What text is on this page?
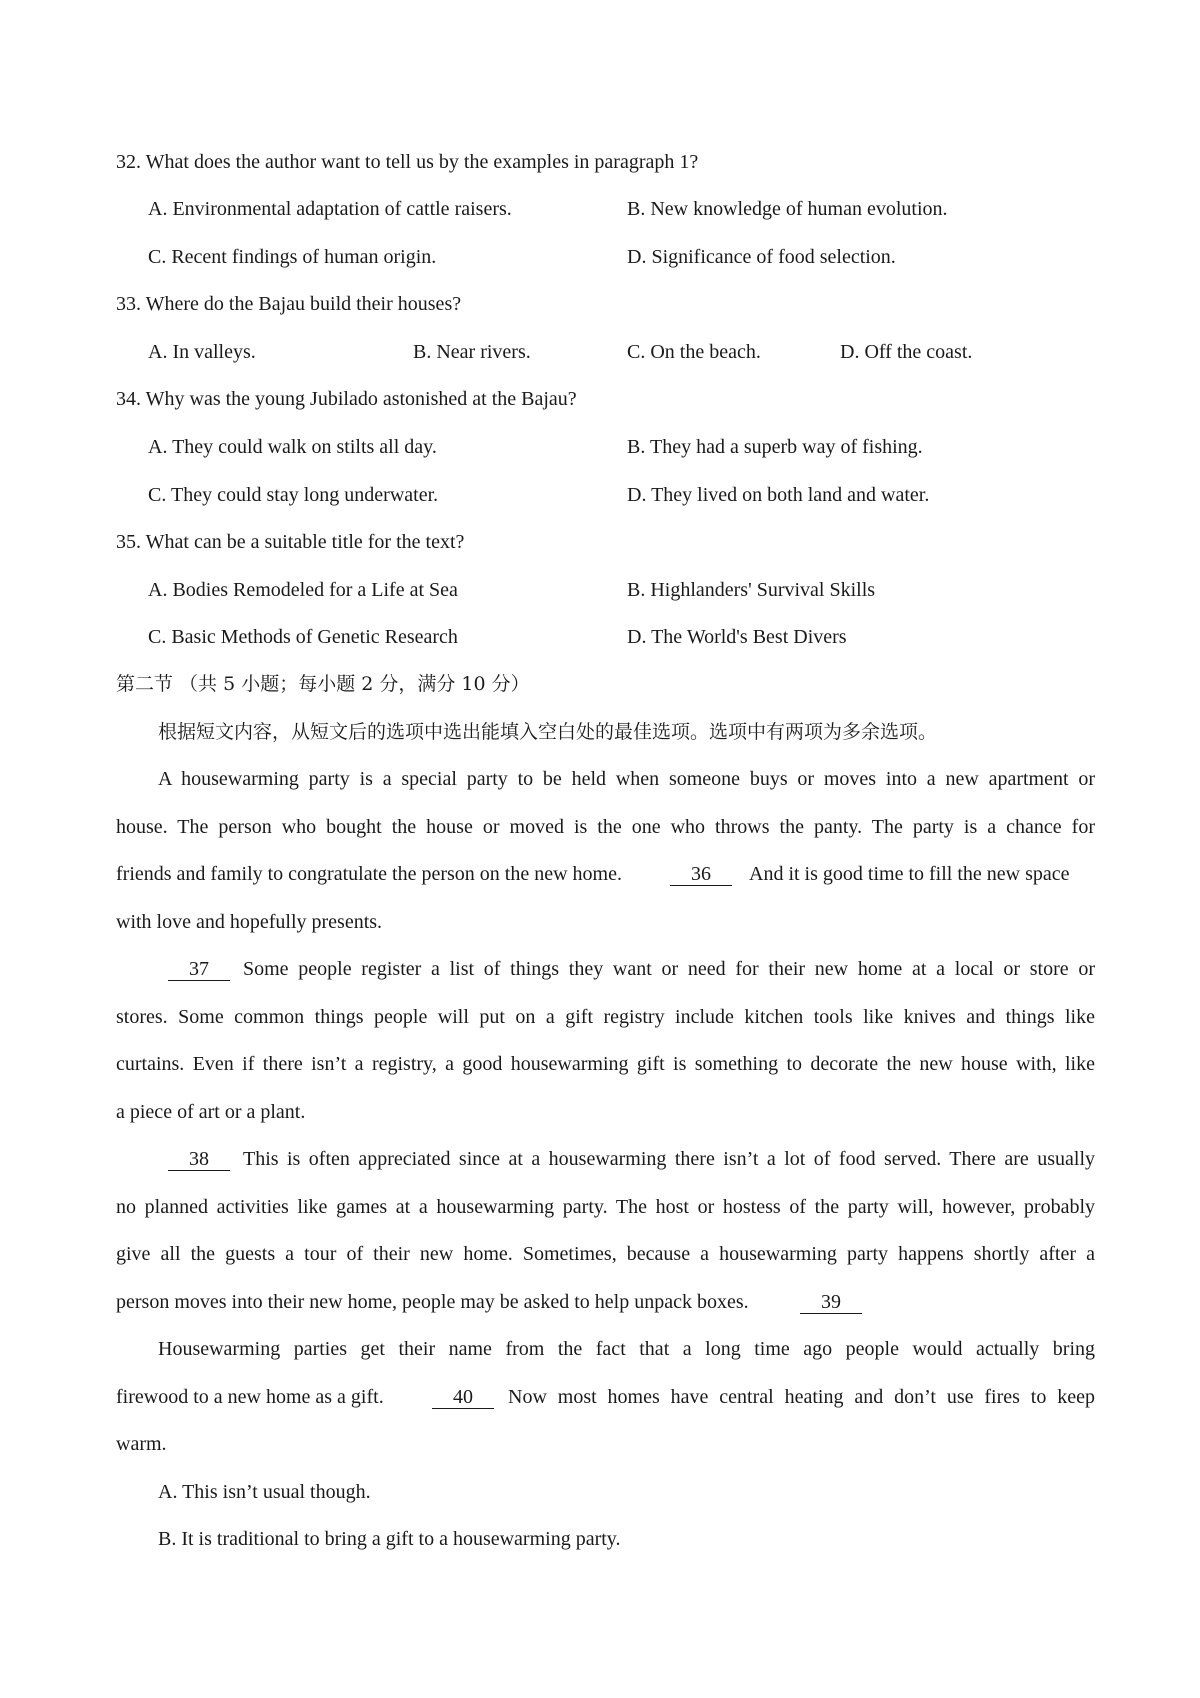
32. What does the author want to tell us by the examples in paragraph 1?
A. Environmental adaptation of cattle raisers.	B. New knowledge of human evolution.
C. Recent findings of human origin.	D. Significance of food selection.
33. Where do the Bajau build their houses?
A. In valleys.	B. Near rivers.	C. On the beach.	D. Off the coast.
34. Why was the young Jubilado astonished at the Bajau?
A. They could walk on stilts all day.	B. They had a superb way of fishing.
C. They could stay long underwater.	D. They lived on both land and water.
35. What can be a suitable title for the text?
A. Bodies Remodeled for a Life at Sea	B. Highlanders' Survival Skills
C. Basic Methods of Genetic Research	D. The World's Best Divers
第二节 （共 5 小题；每小题 2 分，满分 10 分）
根据短文内容，从短文后的选项中选出能填入空白处的最佳选项。选项中有两项为多余选项。
A housewarming party is a special party to be held when someone buys or moves into a new apartment or
house. The person who bought the house or moved is the one who throws the panty. The party is a chance for
friends and family to congratulate the person on the new home.	36	And it is good time to fill the new space
with love and hopefully presents.
37	Some people register a list of things they want or need for their new home at a local or store or
stores. Some common things people will put on a gift registry include kitchen tools like knives and things like
curtains. Even if there isn’t a registry, a good housewarming gift is something to decorate the new house with, like
a piece of art or a plant.
38	This is often appreciated since at a housewarming there isn’t a lot of food served. There are usually
no planned activities like games at a housewarming party. The host or hostess of the party will, however, probably
give all the guests a tour of their new home. Sometimes, because a housewarming party happens shortly after a
person moves into their new home, people may be asked to help unpack boxes.	39
Housewarming parties get their name from the fact that a long time ago people would actually bring
firewood to a new home as a gift.	40	Now most homes have central heating and don’t use fires to keep
warm.
A. This isn’t usual though.
B. It is traditional to bring a gift to a housewarming party.
